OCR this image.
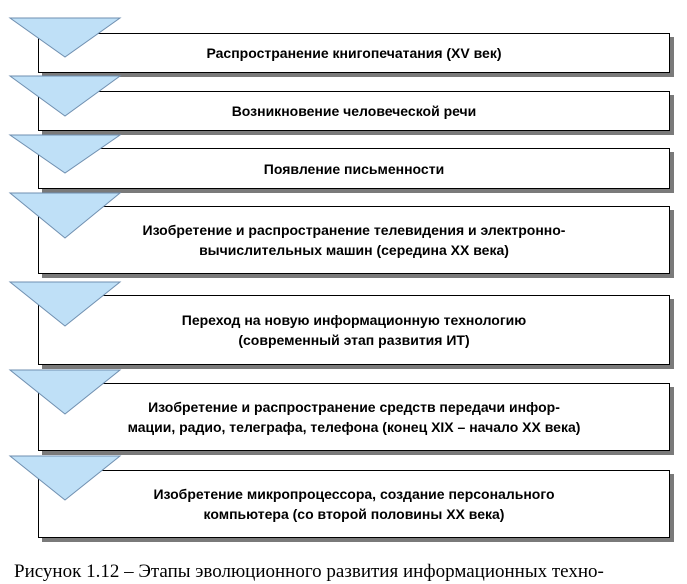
Распространение книгопечатания (XV век)
Возникновение человеческой речи
Появление письменности
Изобретение и распространение телевидения и электронно-
вычислительных машин (середина XX века)
Переход на новую информационную технологию
(современный этап развития ИТ)
Изобретение и распространение средств передачи инфор-
мации, радио, телеграфа, телефона (конец XIX – начало XX века)
Изобретение микропроцессора, создание персонального
компьютера (со второй половины XX века)
Рисунок 1.12 – Этапы эволюционного развития информационных техно-
